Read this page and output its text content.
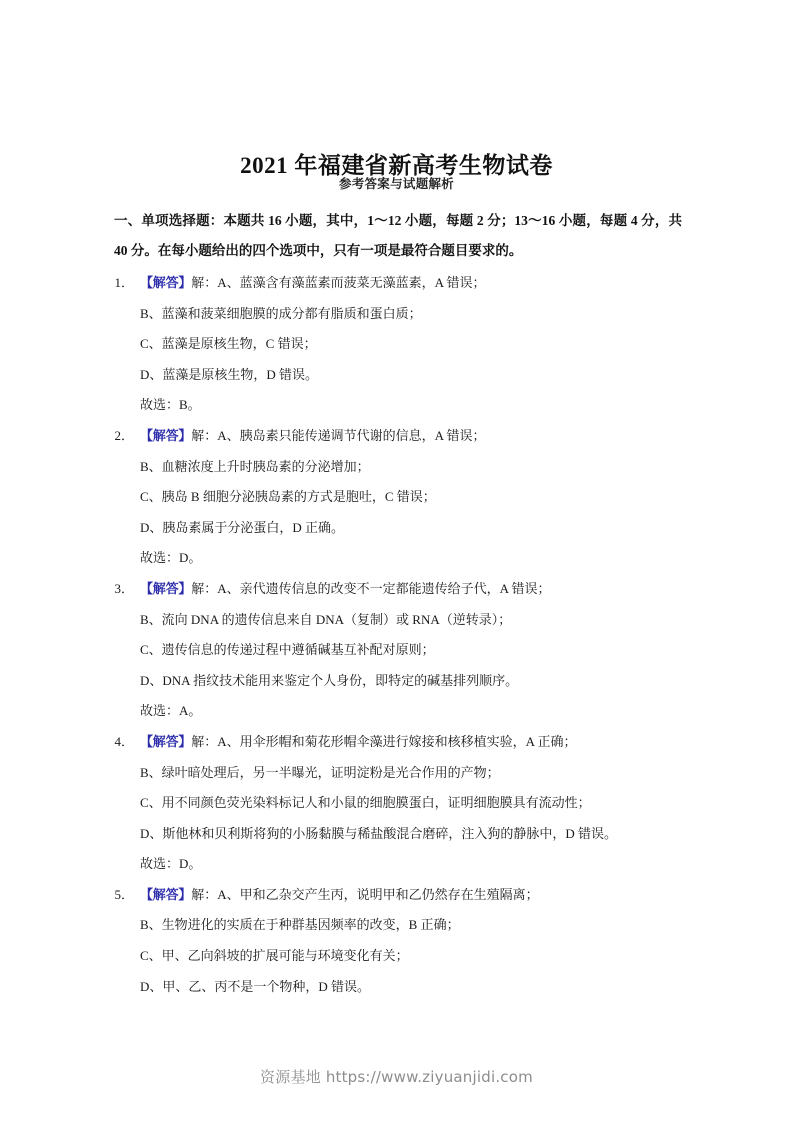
2021 年福建省新高考生物试卷
参考答案与试题解析

一、单项选择题：本题共 16 小题，其中，1～12 小题，每题 2 分；13～16 小题，每题 4 分，共 40 分。在每小题给出的四个选项中，只有一项是最符合题目要求的。

1． 【解答】解：A、蓝藻含有藻蓝素而菠菜无藻蓝素，A 错误；
B、蓝藻和菠菜细胞膜的成分都有脂质和蛋白质；
C、蓝藻是原核生物，C 错误；
D、蓝藻是原核生物，D 错误。
故选：B。
2． 【解答】解：A、胰岛素只能传递调节代谢的信息，A 错误；
B、血糖浓度上升时胰岛素的分泌增加；
C、胰岛 B 细胞分泌胰岛素的方式是胞吐，C 错误；
D、胰岛素属于分泌蛋白，D 正确。
故选：D。
3． 【解答】解：A、亲代遗传信息的改变不一定都能遗传给子代，A 错误；
B、流向 DNA 的遗传信息来自 DNA（复制）或 RNA（逆转录）；
C、遗传信息的传递过程中遵循碱基互补配对原则；
D、DNA 指纹技术能用来鉴定个人身份，即特定的碱基排列顺序。
故选：A。
4． 【解答】解：A、用伞形帽和菊花形帽伞藻进行嫁接和核移植实验，A 正确；
B、绿叶暗处理后，另一半曝光，证明淀粉是光合作用的产物；
C、用不同颜色荧光染料标记人和小鼠的细胞膜蛋白，证明细胞膜具有流动性；
D、斯他林和贝利斯将狗的小肠黏膜与稀盐酸混合磨碎，注入狗的静脉中，D 错误。
故选：D。
5． 【解答】解：A、甲和乙杂交产生丙，说明甲和乙仍然存在生殖隔离；
B、生物进化的实质在于种群基因频率的改变，B 正确；
C、甲、乙向斜坡的扩展可能与环境变化有关；
D、甲、乙、丙不是一个物种，D 错误。
资源基地 https://www.ziyuanjidi.com
